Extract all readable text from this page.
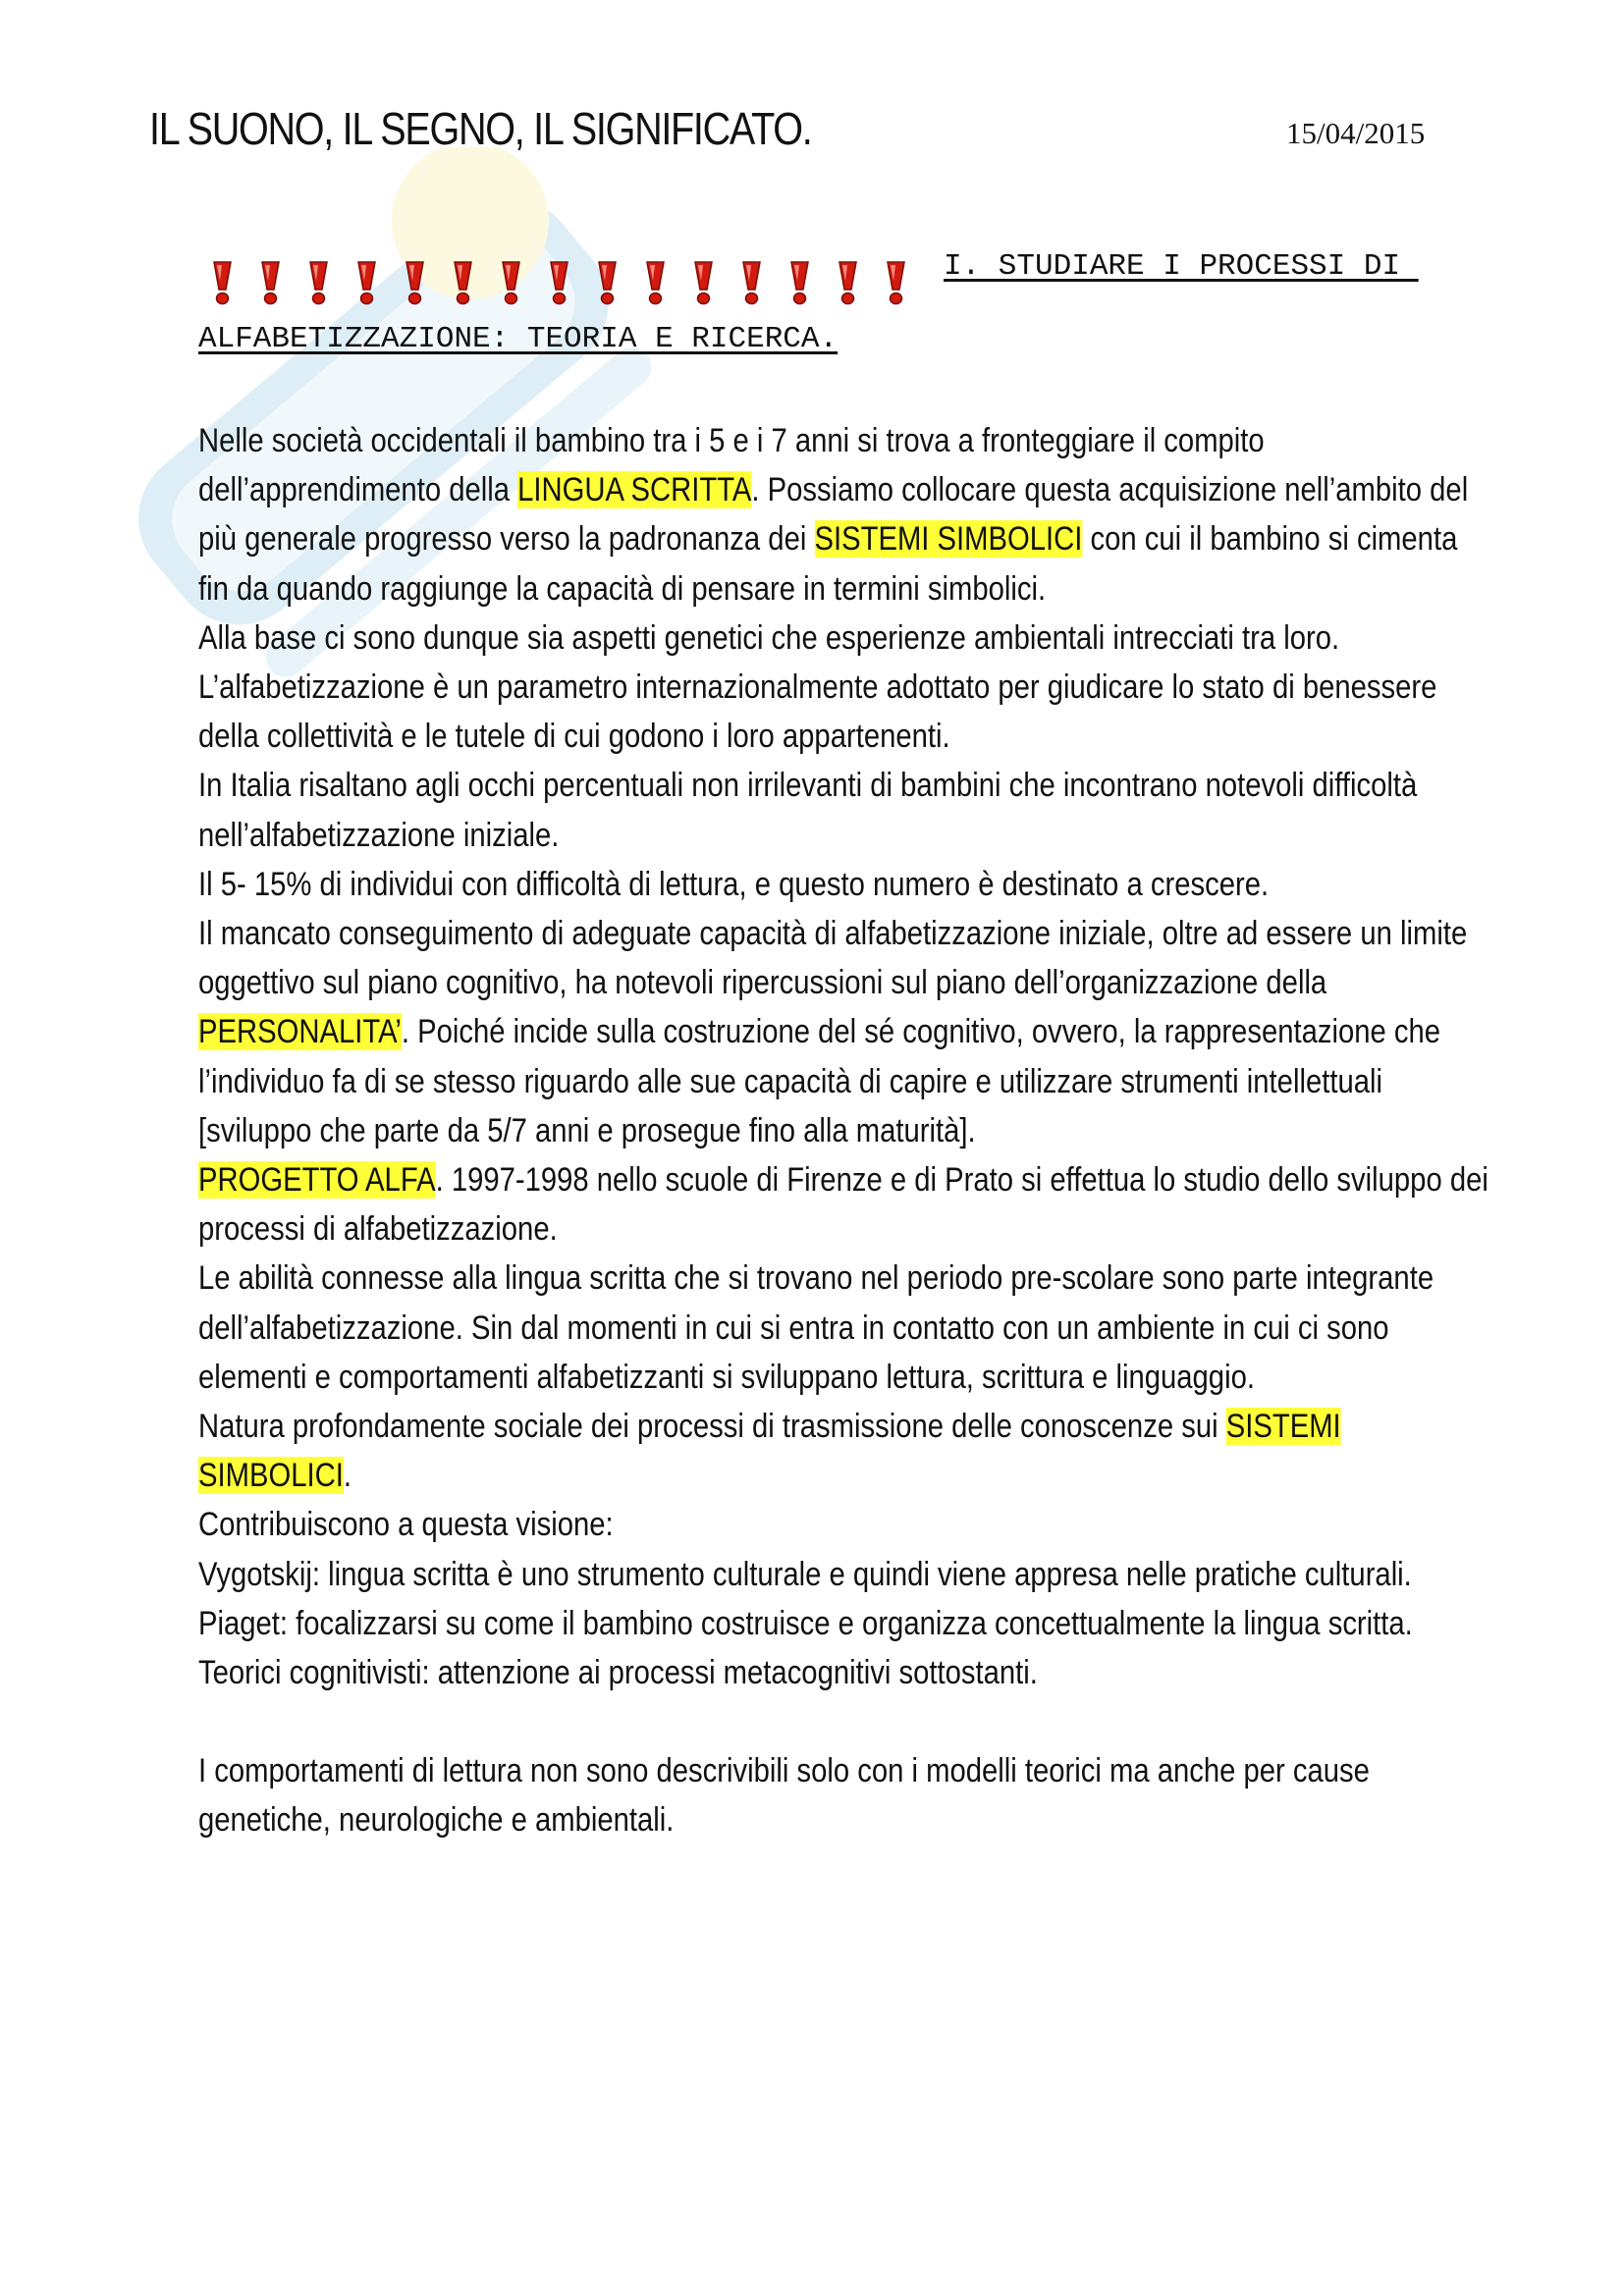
IL SUONO, IL SEGNO, IL SIGNIFICATO.	15/04/2015
I. STUDIARE I PROCESSI DI
ALFABETIZZAZIONE: TEORIA E RICERCA.

Nelle società occidentali il bambino tra i 5 e i 7 anni si trova a fronteggiare il compito dell’apprendimento della LINGUA SCRITTA. Possiamo collocare questa acquisizione nell’ambito del più generale progresso verso la padronanza dei SISTEMI SIMBOLICI con cui il bambino si cimenta fin da quando raggiunge la capacità di pensare in termini simbolici.

Alla base ci sono dunque sia aspetti genetici che esperienze ambientali intrecciati tra loro.

L’alfabetizzazione è un parametro internazionalmente adottato per giudicare lo stato di benessere della collettività e le tutele di cui godono i loro appartenenti.

In Italia risaltano agli occhi percentuali non irrilevanti di bambini che incontrano notevoli difficoltà nell’alfabetizzazione iniziale.

Il 5- 15% di individui con difficoltà di lettura, e questo numero è destinato a crescere.

Il mancato conseguimento di adeguate capacità di alfabetizzazione iniziale, oltre ad essere un limite oggettivo sul piano cognitivo, ha notevoli ripercussioni sul piano dell’organizzazione della PERSONALITA’. Poiché incide sulla costruzione del sé cognitivo, ovvero, la rappresentazione che l’individuo fa di se stesso riguardo alle sue capacità di capire e utilizzare strumenti intellettuali [sviluppo che parte da 5/7 anni e prosegue fino alla maturità].

PROGETTO ALFA. 1997-1998 nello scuole di Firenze e di Prato si effettua lo studio dello sviluppo dei processi di alfabetizzazione.

Le abilità connesse alla lingua scritta che si trovano nel periodo pre-scolare sono parte integrante dell’alfabetizzazione. Sin dal momenti in cui si entra in contatto con un ambiente in cui ci sono elementi e comportamenti alfabetizzanti si sviluppano lettura, scrittura e linguaggio.

Natura profondamente sociale dei processi di trasmissione delle conoscenze sui SISTEMI SIMBOLICI.

Contribuiscono a questa visione:

Vygotskij: lingua scritta è uno strumento culturale e quindi viene appresa nelle pratiche culturali.

Piaget: focalizzarsi su come il bambino costruisce e organizza concettualmente la lingua scritta.

Teorici cognitivisti: attenzione ai processi metacognitivi sottostanti.

I comportamenti di lettura non sono descrivibili solo con i modelli teorici ma anche per cause genetiche, neurologiche e ambientali.
